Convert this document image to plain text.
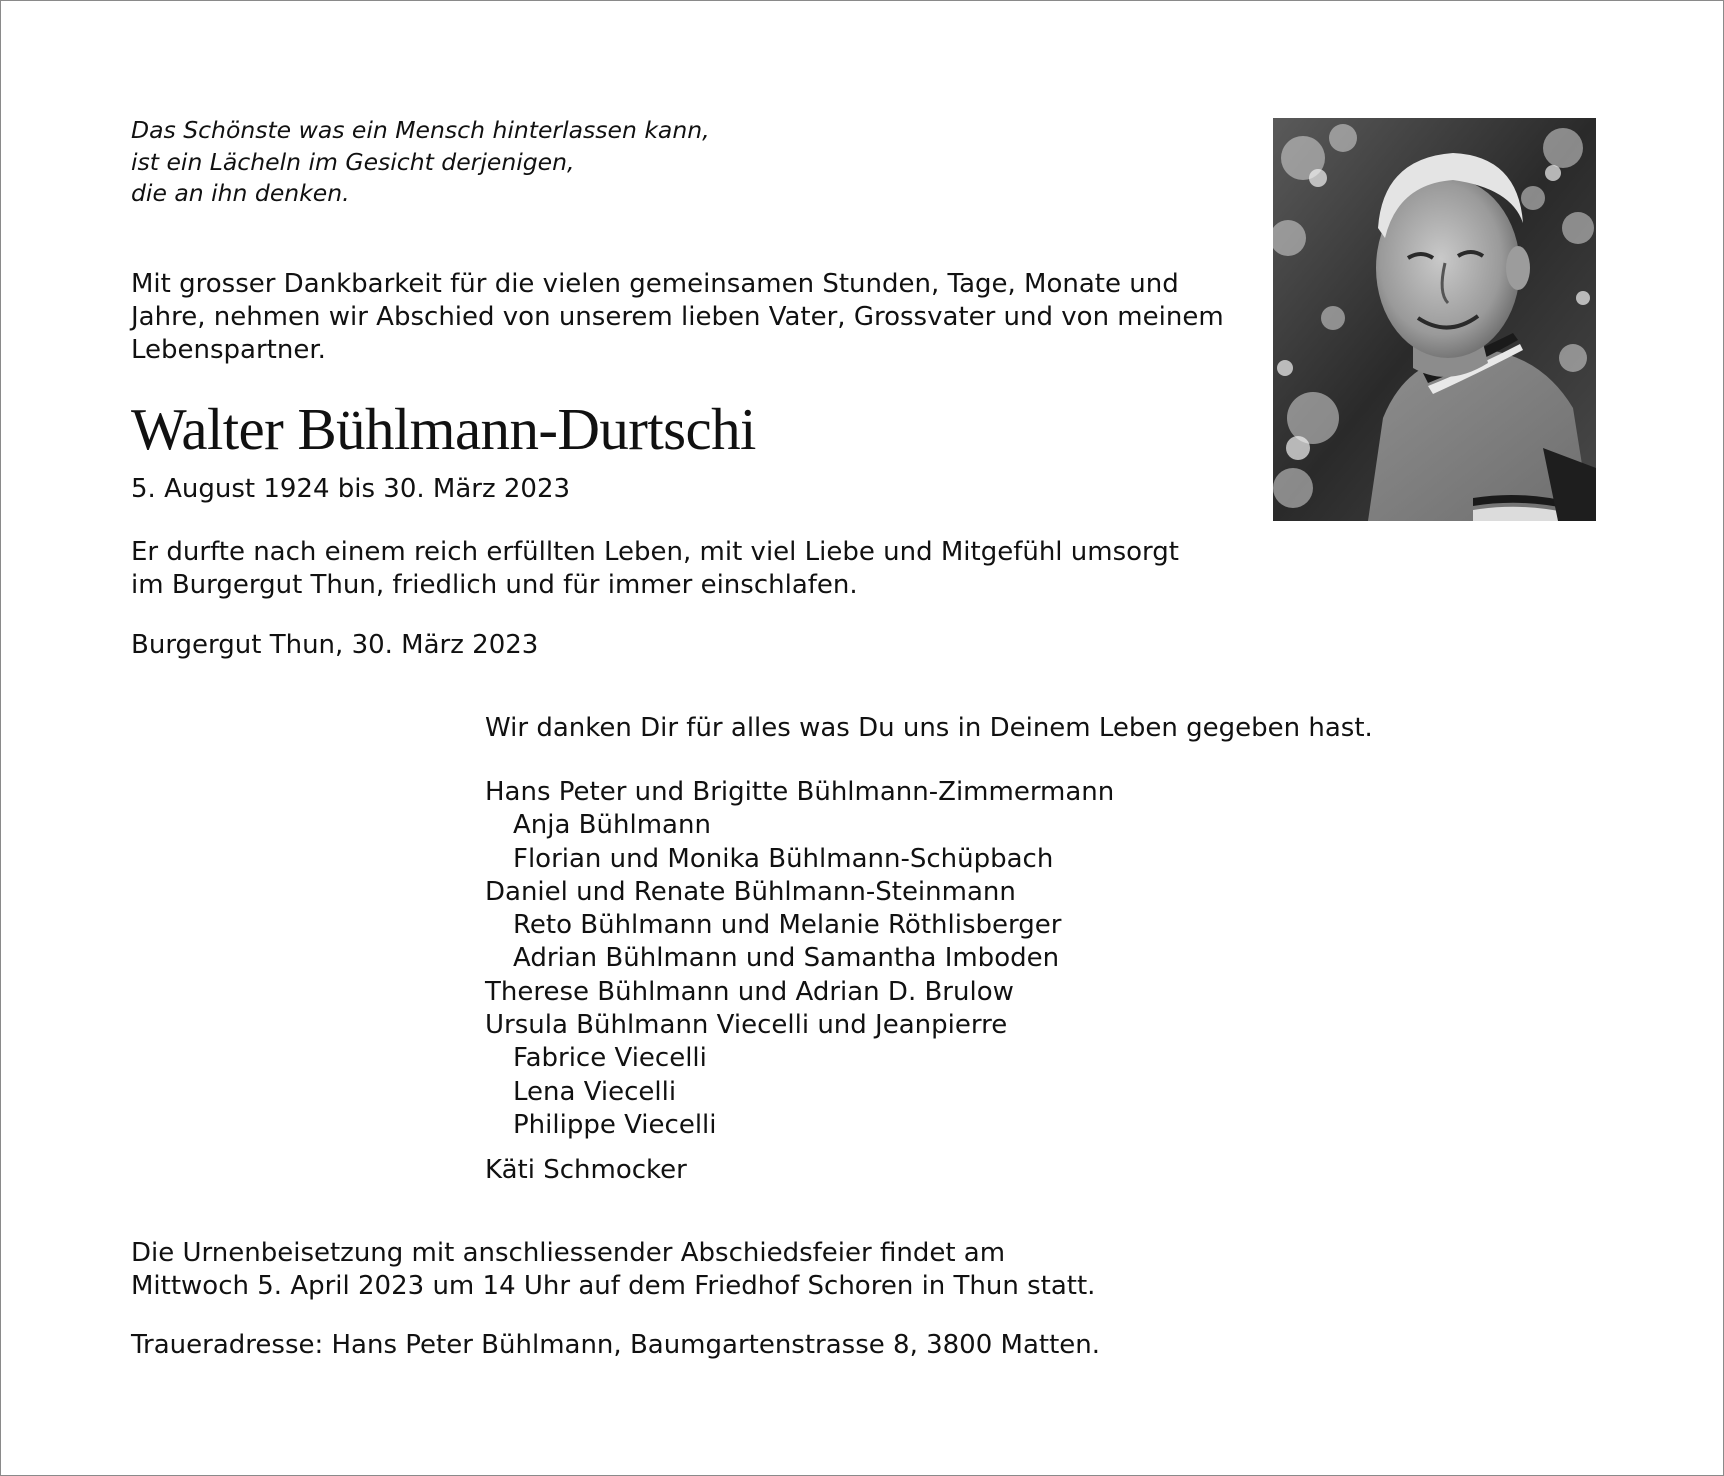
Das Schönste was ein Mensch hinterlassen kann,
ist ein Lächeln im Gesicht derjenigen,
die an ihn denken.
Mit grosser Dankbarkeit für die vielen gemeinsamen Stunden, Tage, Monate und
Jahre, nehmen wir Abschied von unserem lieben Vater, Grossvater und von meinem
Lebenspartner.
Walter Bühlmann-Durtschi
5. August 1924 bis 30. März 2023
Er durfte nach einem reich erfüllten Leben, mit viel Liebe und Mitgefühl umsorgt
im Burgergut Thun, friedlich und für immer einschlafen.
Burgergut Thun, 30. März 2023
Wir danken Dir für alles was Du uns in Deinem Leben gegeben hast.
Hans Peter und Brigitte Bühlmann-Zimmermann
Anja Bühlmann
Florian und Monika Bühlmann-Schüpbach
Daniel und Renate Bühlmann-Steinmann
Reto Bühlmann und Melanie Röthlisberger
Adrian Bühlmann und Samantha Imboden
Therese Bühlmann und Adrian D. Brulow
Ursula Bühlmann Viecelli und Jeanpierre
Fabrice Viecelli
Lena Viecelli
Philippe Viecelli
Käti Schmocker
Die Urnenbeisetzung mit anschliessender Abschiedsfeier findet am
Mittwoch 5. April 2023 um 14 Uhr auf dem Friedhof Schoren in Thun statt.
Traueradresse: Hans Peter Bühlmann, Baumgartenstrasse 8, 3800 Matten.
